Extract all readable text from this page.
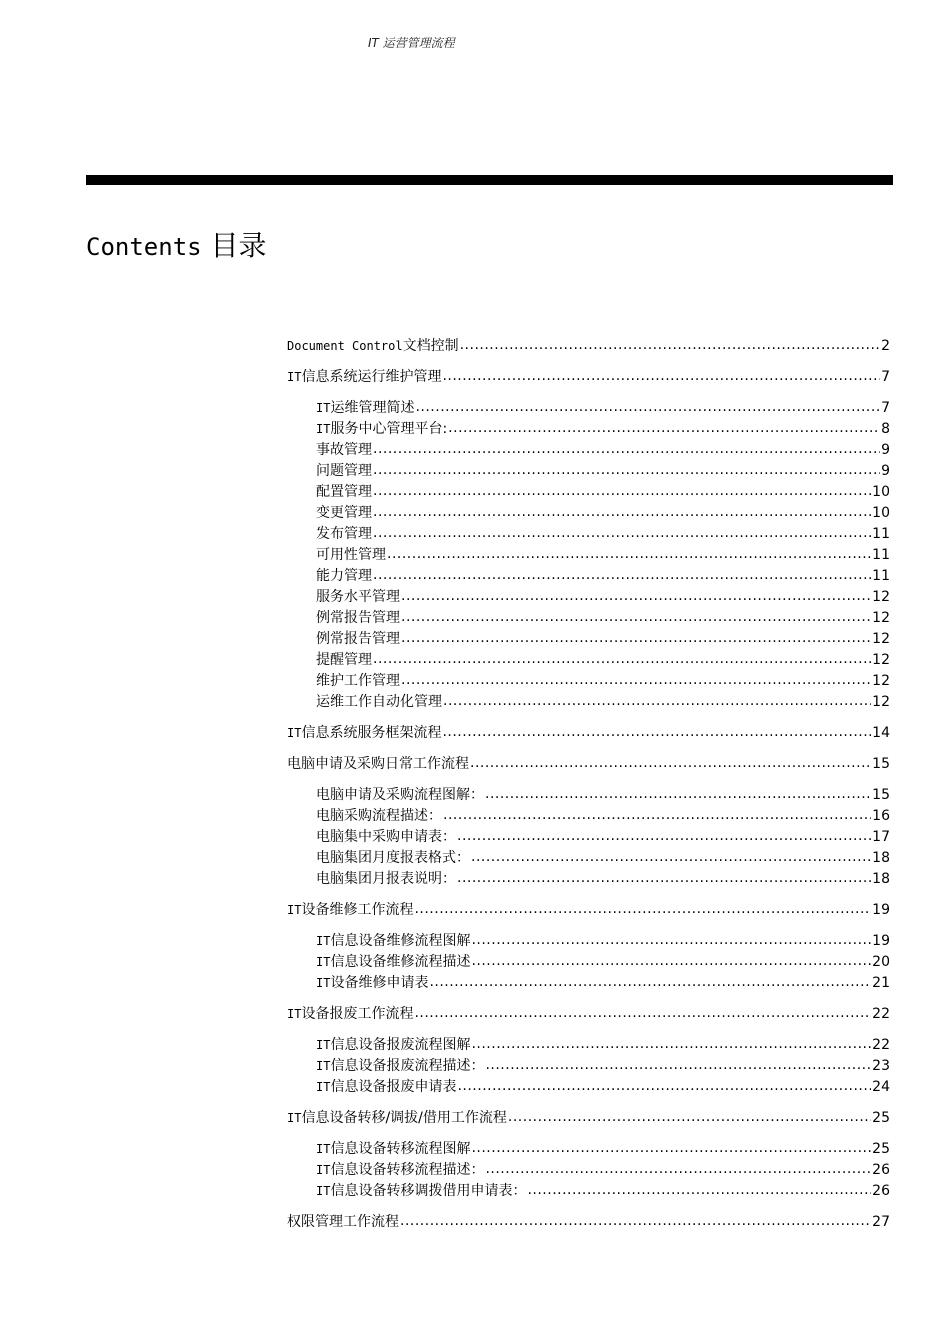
IT 运营管理流程
Contents 目录
Document Control文档控制 .....	2
IT信息系统运行维护管理 .....	7
IT运维管理简述 .....	7
IT服务中心管理平台: .....	8
事故管理 .....	9
问题管理 .....	9
配置管理 .....	10
变更管理 .....	10
发布管理 .....	11
可用性管理 .....	11
能力管理 .....	11
服务水平管理 .....	12
例常报告管理 .....	12
例常报告管理 .....	12
提醒管理 .....	12
维护工作管理 .....	12
运维工作自动化管理 .....	12
IT信息系统服务框架流程 .....	14
电脑申请及采购日常工作流程 .....	15
电脑申请及采购流程图解： .....	15
电脑采购流程描述： .....	16
电脑集中采购申请表： .....	17
电脑集团月度报表格式： .....	18
电脑集团月报表说明： .....	18
IT设备维修工作流程 .....	19
IT信息设备维修流程图解 .....	19
IT信息设备维修流程描述 .....	20
IT设备维修申请表 .....	21
IT设备报废工作流程 .....	22
IT信息设备报废流程图解 .....	22
IT信息设备报废流程描述： .....	23
IT信息设备报废申请表 .....	24
IT信息设备转移/调拔/借用工作流程 .....	25
IT信息设备转移流程图解 .....	25
IT信息设备转移流程描述： .....	26
IT信息设备转移调拨借用申请表： .....	26
权限管理工作流程 .....	27
